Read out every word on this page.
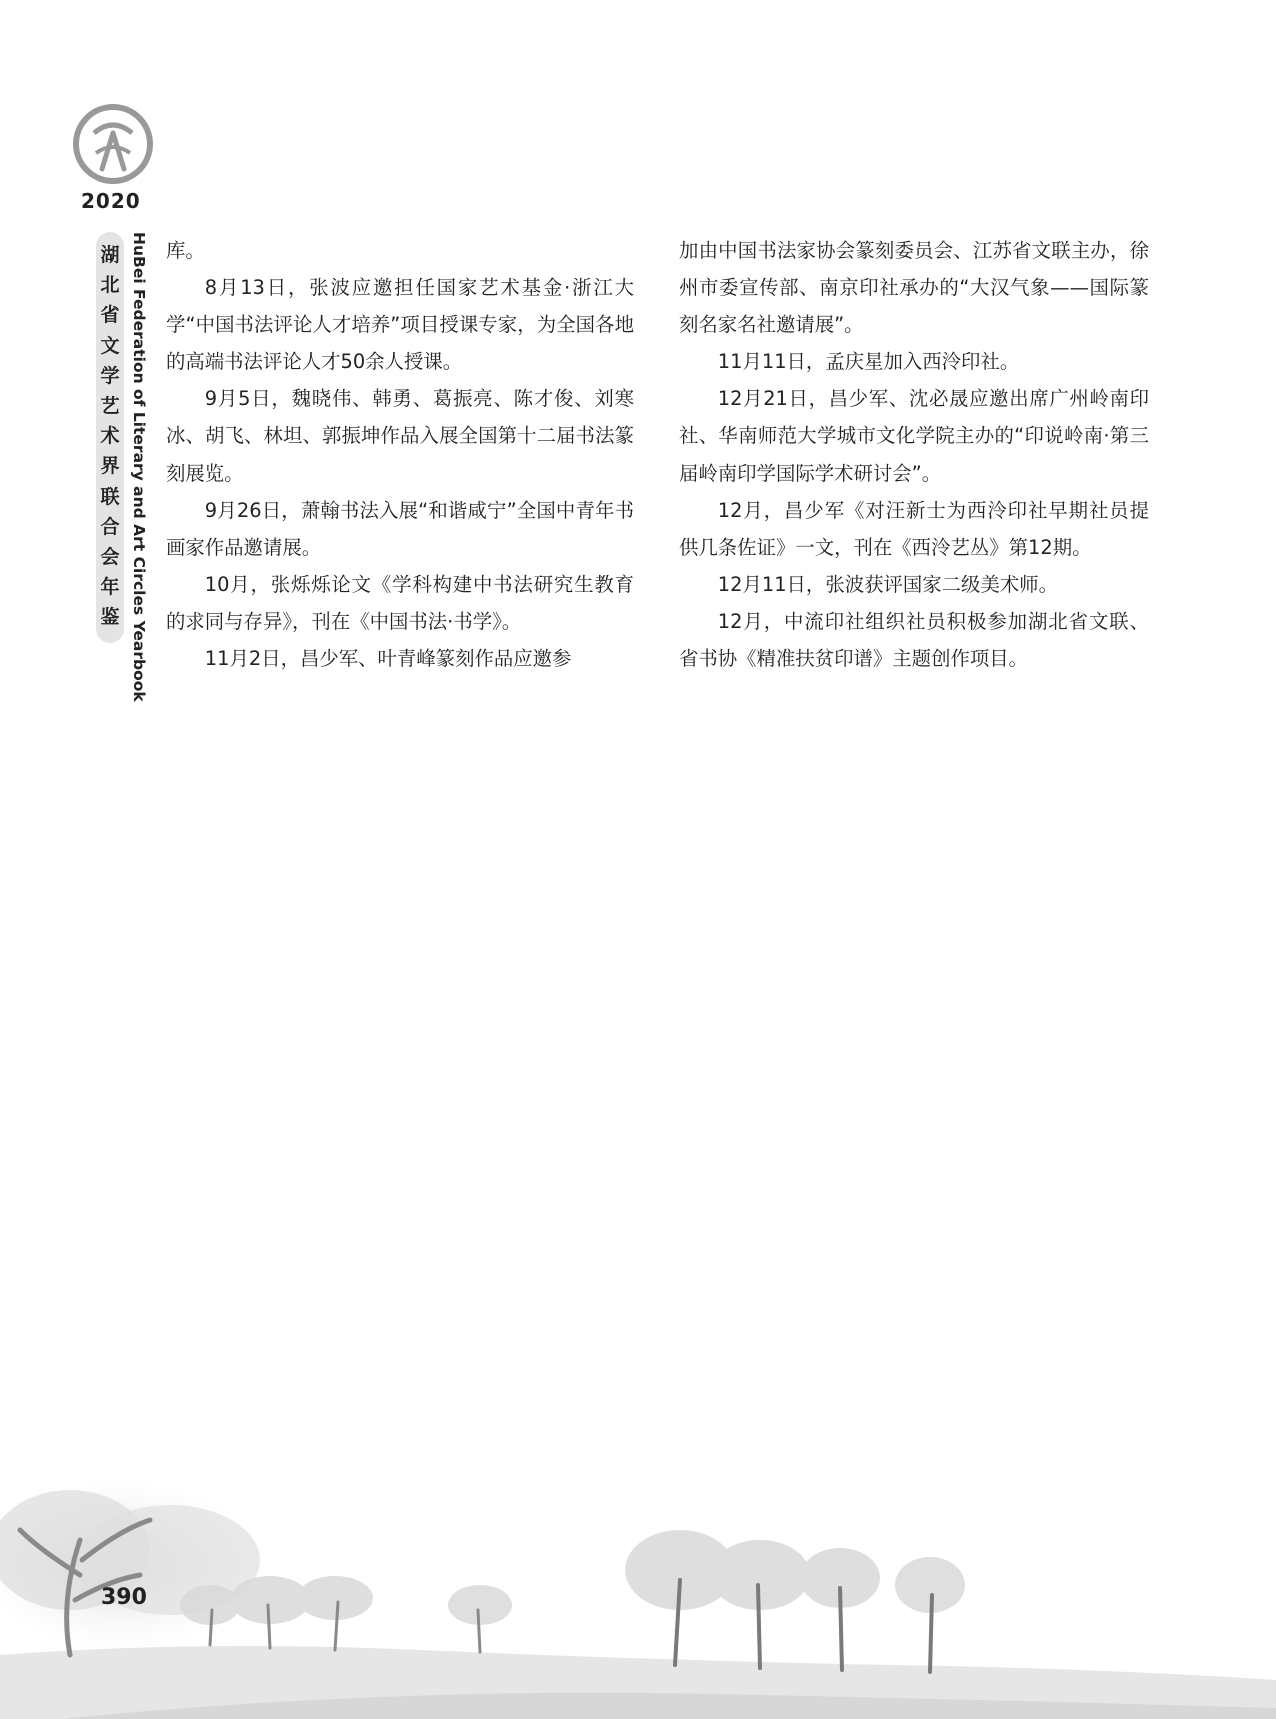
2020
湖
北
省
文
学
艺
术
界
联
合
会
年
鉴 HuBei Federation of Literary and Art Circles Yearbook 库。

8月13日，张波应邀担任国家艺术基金·浙江大学“中国书法评论人才培养”项目授课专家，为全国各地的高端书法评论人才50余人授课。

9月5日，魏晓伟、韩勇、葛振亮、陈才俊、刘寒冰、胡飞、林坦、郭振坤作品入展全国第十二届书法篆刻展览。

9月26日，萧翰书法入展“和谐咸宁”全国中青年书画家作品邀请展。

10月，张烁烁论文《学科构建中书法研究生教育的求同与存异》，刊在《中国书法·书学》。

11月2日，昌少军、叶青峰篆刻作品应邀参

加由中国书法家协会篆刻委员会、江苏省文联主办，徐州市委宣传部、南京印社承办的“大汉气象——国际篆刻名家名社邀请展”。

11月11日，孟庆星加入西泠印社。

12月21日，昌少军、沈必晟应邀出席广州岭南印社、华南师范大学城市文化学院主办的“印说岭南·第三届岭南印学国际学术研讨会”。

12月，昌少军《对汪新士为西泠印社早期社员提供几条佐证》一文，刊在《西泠艺丛》第12期。

12月11日，张波获评国家二级美术师。

12月，中流印社组织社员积极参加湖北省文联、省书协《精准扶贫印谱》主题创作项目。

390
